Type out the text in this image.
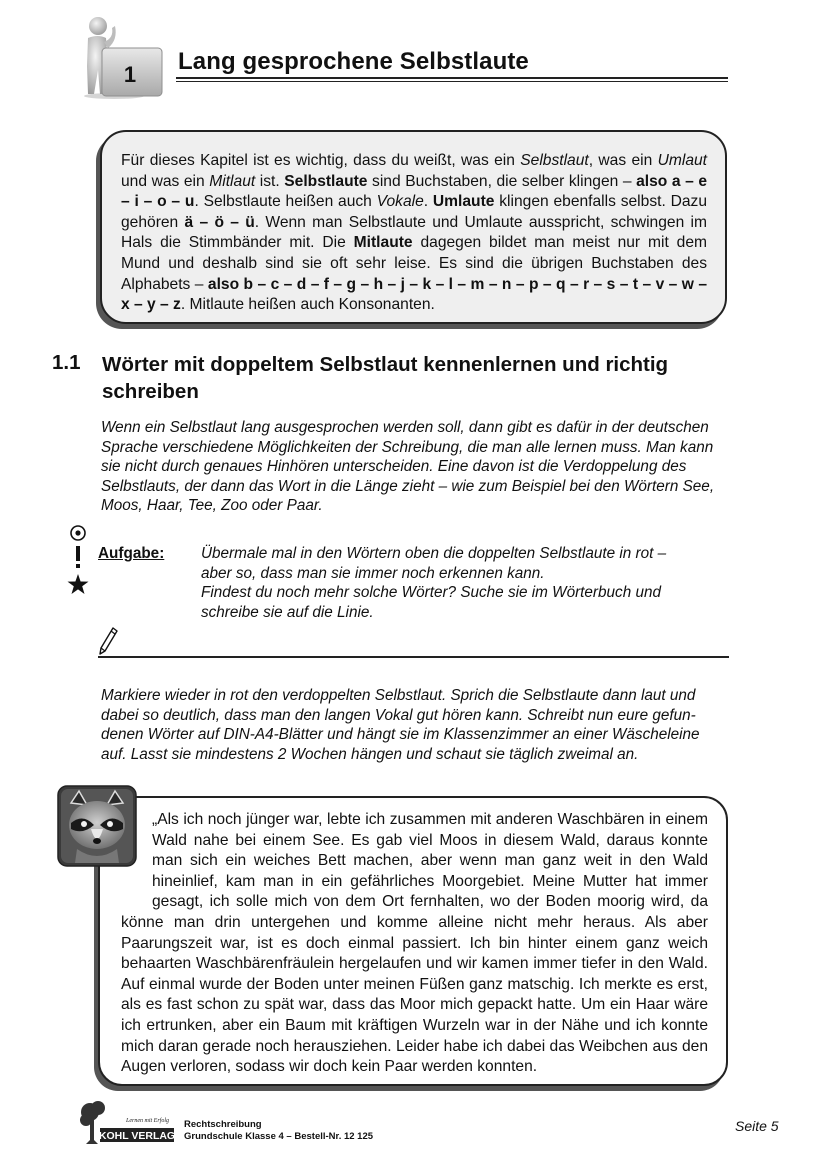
1 Lang gesprochene Selbstlaute
Für dieses Kapitel ist es wichtig, dass du weißt, was ein Selbstlaut, was ein Umlaut und was ein Mitlaut ist. Selbstlaute sind Buchstaben, die selber klingen – also a – e – i – o – u. Selbstlaute heißen auch Vokale. Umlaute klingen ebenfalls selbst. Dazu gehören ä – ö – ü. Wenn man Selbstlaute und Umlaute ausspricht, schwingen im Hals die Stimmbänder mit. Die Mitlaute dagegen bildet man meist nur mit dem Mund und deshalb sind sie oft sehr leise. Es sind die übrigen Buchstaben des Alphabets – also b – c – d – f – g – h – j – k – l – m – n – p – q – r – s – t – v – w – x – y – z. Mitlaute heißen auch Konsonanten.
1.1 Wörter mit doppeltem Selbstlaut kennenlernen und richtig schreiben
Wenn ein Selbstlaut lang ausgesprochen werden soll, dann gibt es dafür in der deutschen Sprache verschiedene Möglichkeiten der Schreibung, die man alle lernen muss. Man kann sie nicht durch genaues Hinhören unterscheiden. Eine davon ist die Verdoppelung des Selbstlauts, der dann das Wort in die Länge zieht – wie zum Beispiel bei den Wörtern See, Moos, Haar, Tee, Zoo oder Paar.
Aufgabe: Übermale mal in den Wörtern oben die doppelten Selbstlaute in rot –
aber so, dass man sie immer noch erkennen kann.
Findest du noch mehr solche Wörter? Suche sie im Wörterbuch und
schreibe sie auf die Linie.
Markiere wieder in rot den verdoppelten Selbstlaut. Sprich die Selbstlaute dann laut und dabei so deutlich, dass man den langen Vokal gut hören kann. Schreibt nun eure gefundenen Wörter auf DIN-A4-Blätter und hängt sie im Klassenzimmer an einer Wäscheleine auf. Lasst sie mindestens 2 Wochen hängen und schaut sie täglich zweimal an.
„Als ich noch jünger war, lebte ich zusammen mit anderen Waschbären in einem Wald nahe bei einem See. Es gab viel Moos in diesem Wald, daraus konnte man sich ein weiches Bett machen, aber wenn man ganz weit in den Wald hineinlief, kam man in ein gefährliches Moorgebiet. Meine Mutter hat immer gesagt, ich solle mich von dem Ort fernhalten, wo der Boden moorig wird, da könne man drin untergehen und komme alleine nicht mehr heraus. Als aber Paarungszeit war, ist es doch einmal passiert. Ich bin hinter einem ganz weich behaarten Waschbärenfräulein hergelaufen und wir kamen immer tiefer in den Wald. Auf einmal wurde der Boden unter meinen Füßen ganz matschig. Ich merkte es erst, als es fast schon zu spät war, dass das Moor mich gepackt hatte. Um ein Haar wäre ich ertrunken, aber ein Baum mit kräftigen Wurzeln war in der Nähe und ich konnte mich daran gerade noch herausziehen. Leider habe ich dabei das Weibchen aus den Augen verloren, sodass wir doch kein Paar werden konnten.
Lernen mit Erfolg
KOHL VERLAG
Rechtschreibung
Grundschule Klasse 4 – Bestell-Nr. 12 125
Seite 5
